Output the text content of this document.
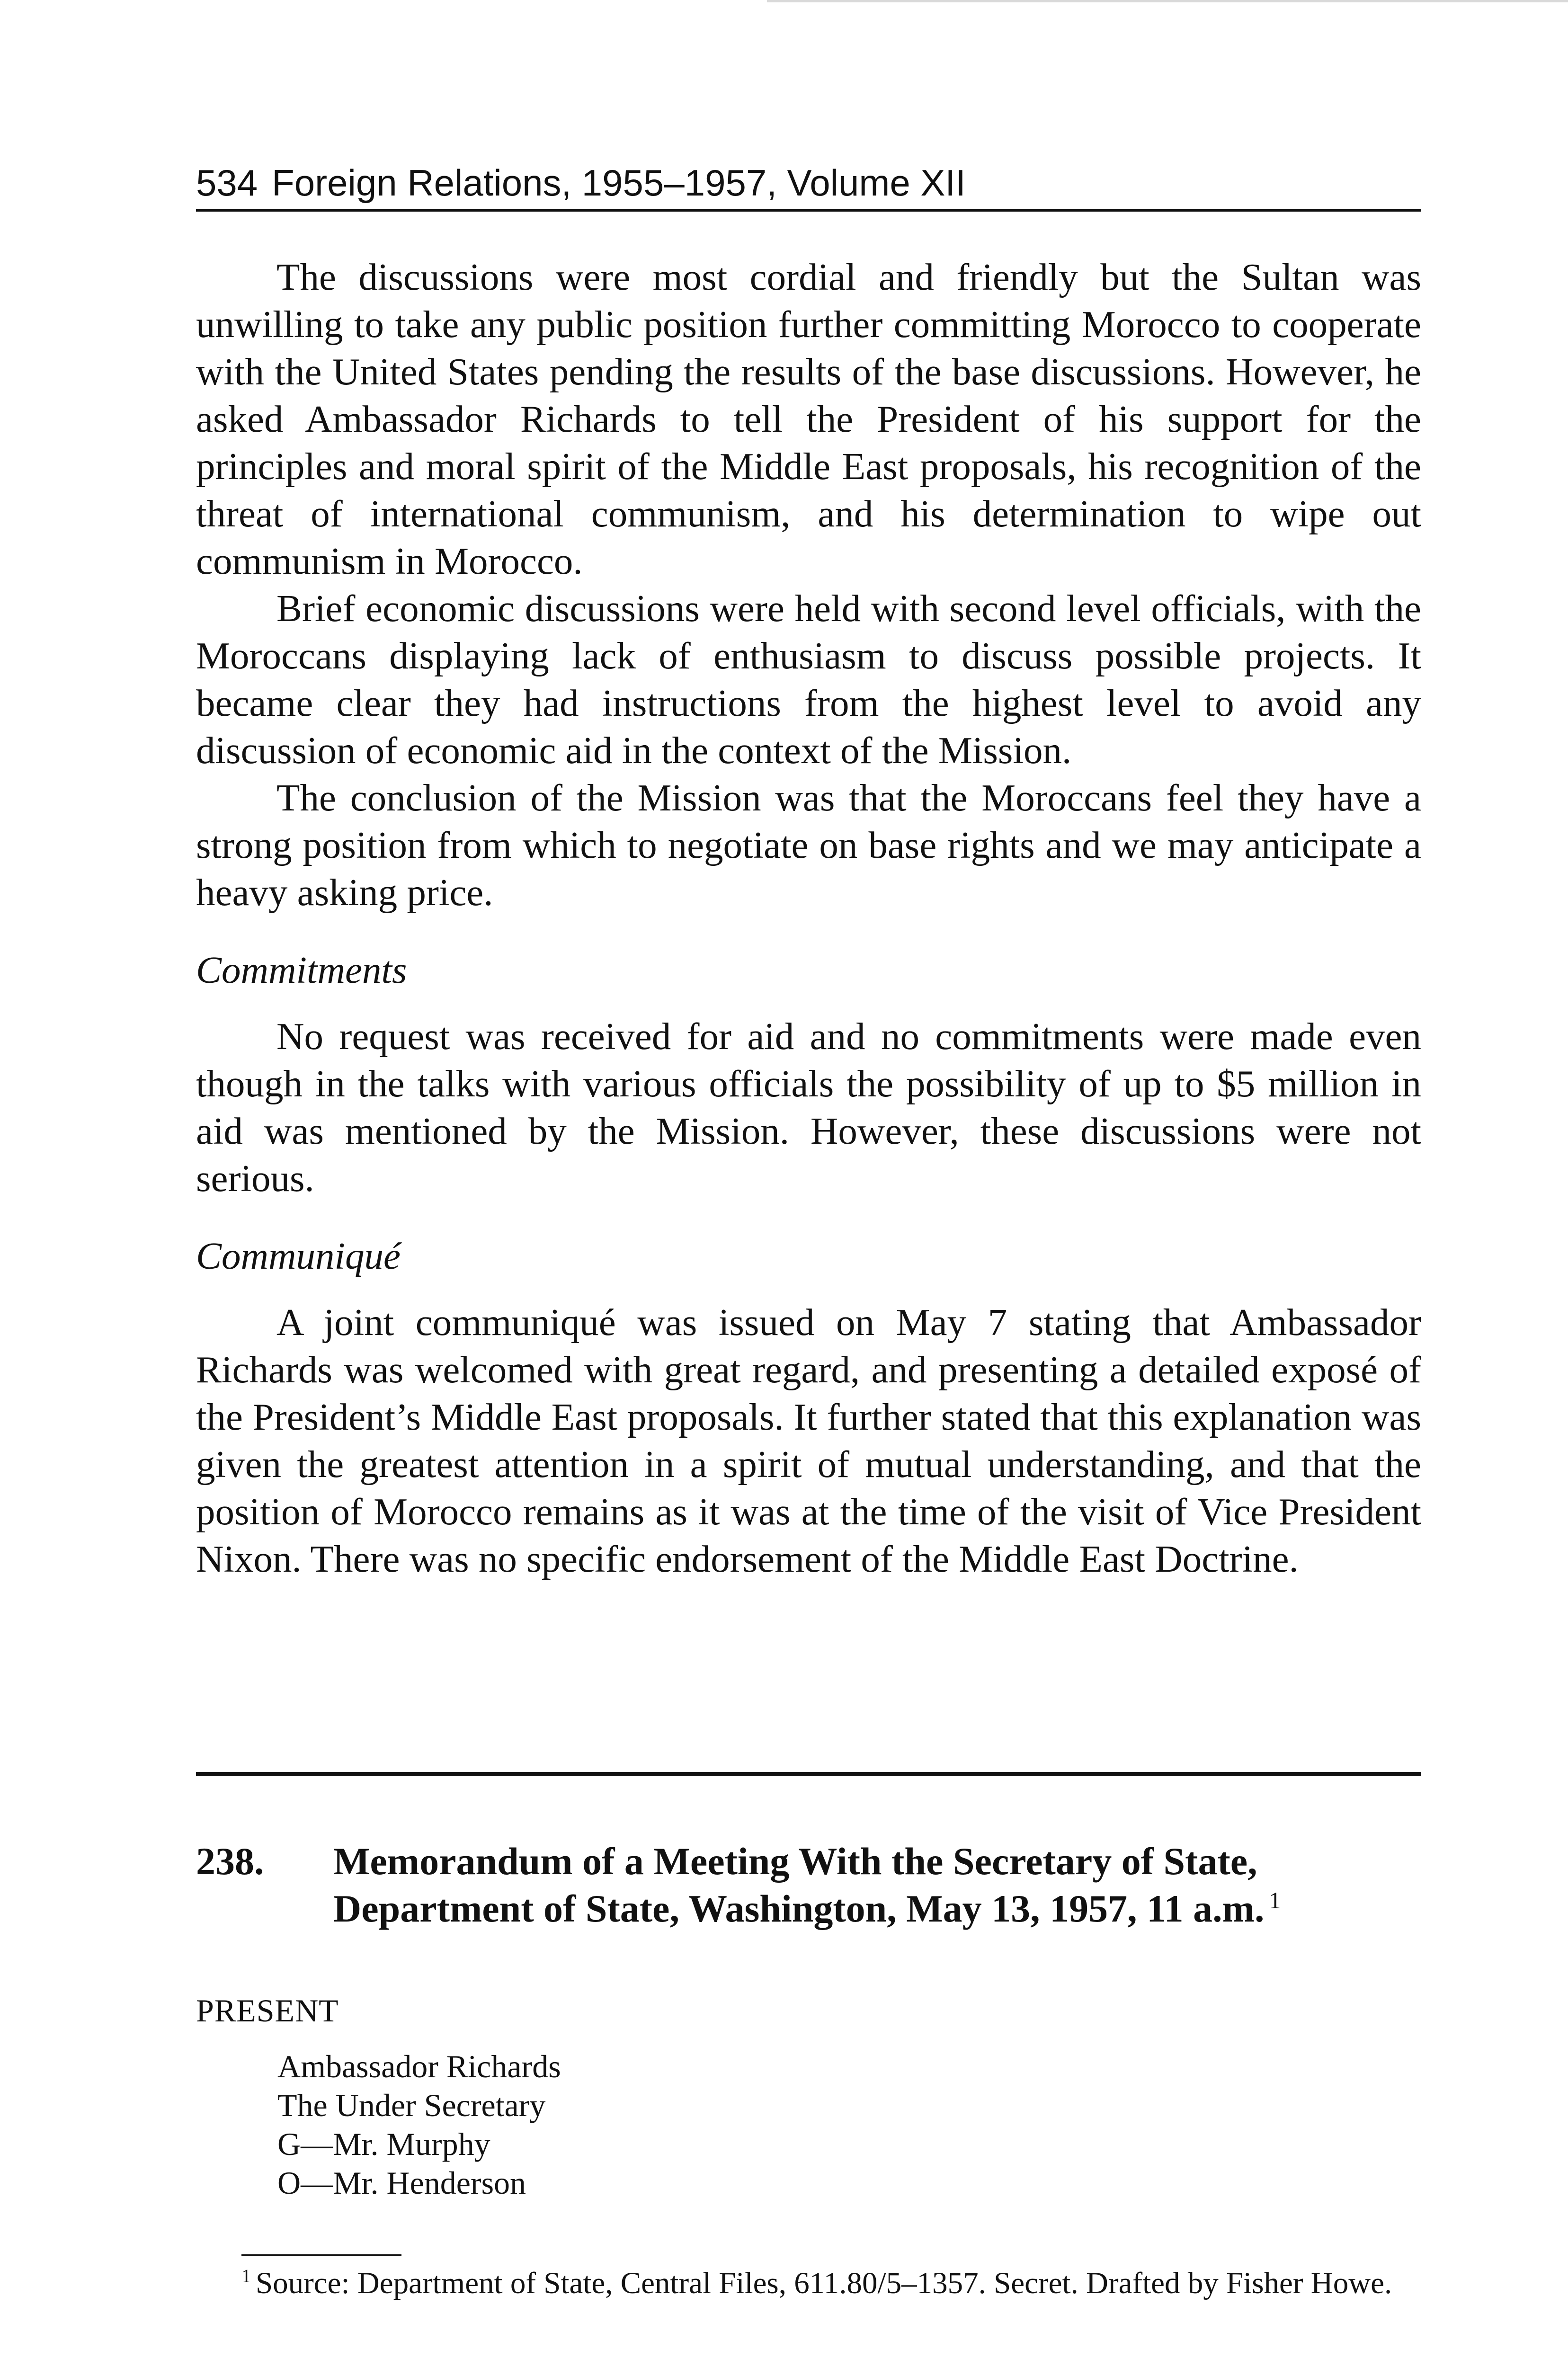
534 Foreign Relations, 1955–1957, Volume XII

The discussions were most cordial and friendly but the Sultan was unwilling to take any public position further committing Morocco to cooperate with the United States pending the results of the base discussions. However, he asked Ambassador Richards to tell the President of his support for the principles and moral spirit of the Middle East proposals, his recognition of the threat of international communism, and his determination to wipe out communism in Morocco.

Brief economic discussions were held with second level officials, with the Moroccans displaying lack of enthusiasm to discuss possible projects. It became clear they had instructions from the highest level to avoid any discussion of economic aid in the context of the Mission.

The conclusion of the Mission was that the Moroccans feel they have a strong position from which to negotiate on base rights and we may anticipate a heavy asking price.

Commitments

No request was received for aid and no commitments were made even though in the talks with various officials the possibility of up to $5 million in aid was mentioned by the Mission. However, these discussions were not serious.

Communiqué

A joint communiqué was issued on May 7 stating that Ambassador Richards was welcomed with great regard, and presenting a detailed exposé of the President’s Middle East proposals. It further stated that this explanation was given the greatest attention in a spirit of mutual understanding, and that the position of Morocco remains as it was at the time of the visit of Vice President Nixon. There was no specific endorsement of the Middle East Doctrine.

238.	Memorandum of a Meeting With the Secretary of State, Department of State, Washington, May 13, 1957, 11 a.m. $^1$
PRESENT
Ambassador Richards
The Under Secretary
G—Mr. Murphy
O—Mr. Henderson
$^1$ Source: Department of State, Central Files, 611.80/5–1357. Secret. Drafted by Fisher Howe.
